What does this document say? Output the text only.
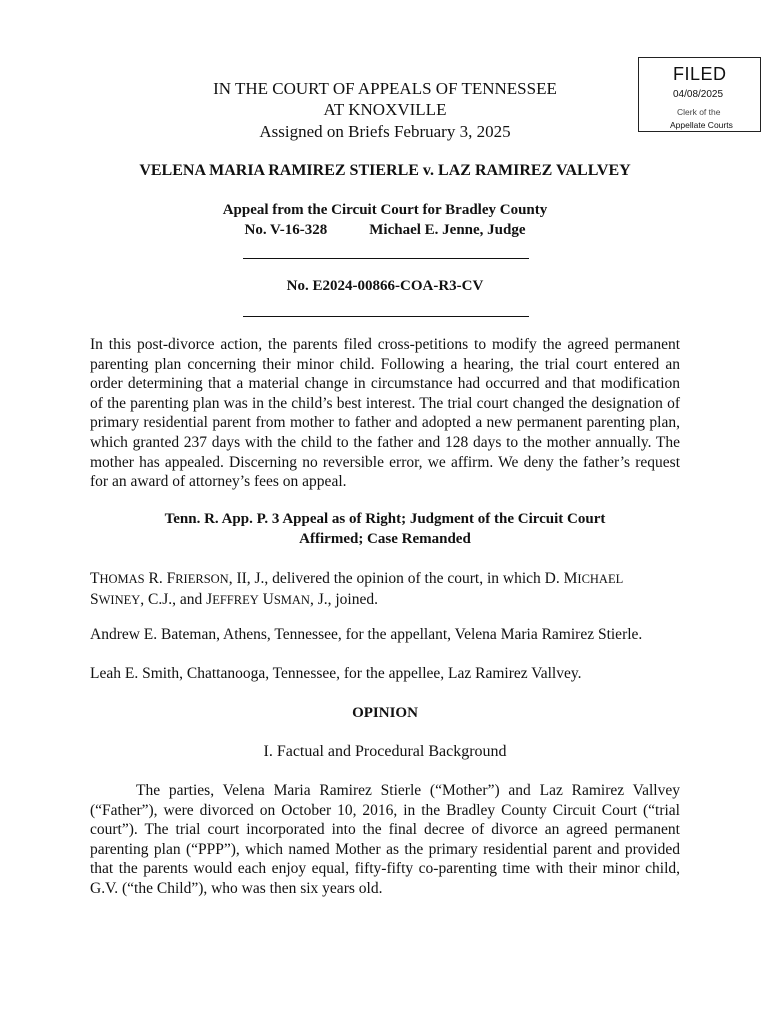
FILED
04/08/2025
Clerk of the
Appellate Courts
IN THE COURT OF APPEALS OF TENNESSEE
AT KNOXVILLE
Assigned on Briefs February 3, 2025
VELENA MARIA RAMIREZ STIERLE v. LAZ RAMIREZ VALLVEY
Appeal from the Circuit Court for Bradley County
No. V-16-328	Michael E. Jenne, Judge
No. E2024-00866-COA-R3-CV
In this post-divorce action, the parents filed cross-petitions to modify the agreed permanent parenting plan concerning their minor child. Following a hearing, the trial court entered an order determining that a material change in circumstance had occurred and that modification of the parenting plan was in the child’s best interest. The trial court changed the designation of primary residential parent from mother to father and adopted a new permanent parenting plan, which granted 237 days with the child to the father and 128 days to the mother annually. The mother has appealed. Discerning no reversible error, we affirm. We deny the father’s request for an award of attorney’s fees on appeal.
Tenn. R. App. P. 3 Appeal as of Right; Judgment of the Circuit Court
Affirmed; Case Remanded
THOMAS R. FRIERSON, II, J., delivered the opinion of the court, in which D. MICHAEL SWINEY, C.J., and JEFFREY USMAN, J., joined.
Andrew E. Bateman, Athens, Tennessee, for the appellant, Velena Maria Ramirez Stierle.
Leah E. Smith, Chattanooga, Tennessee, for the appellee, Laz Ramirez Vallvey.
OPINION
I. Factual and Procedural Background
The parties, Velena Maria Ramirez Stierle (“Mother”) and Laz Ramirez Vallvey (“Father”), were divorced on October 10, 2016, in the Bradley County Circuit Court (“trial court”). The trial court incorporated into the final decree of divorce an agreed permanent parenting plan (“PPP”), which named Mother as the primary residential parent and provided that the parents would each enjoy equal, fifty-fifty co-parenting time with their minor child, G.V. (“the Child”), who was then six years old.
